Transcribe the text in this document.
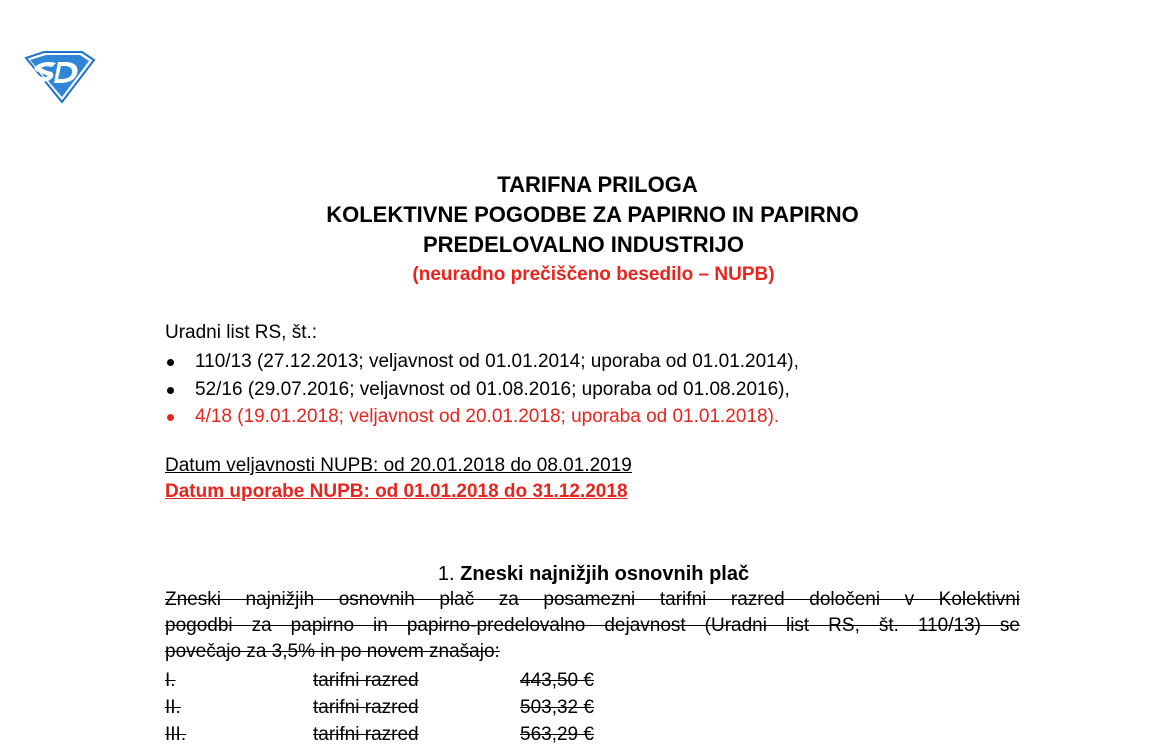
TARIFNA PRILOGA
KOLEKTIVNE POGODBE ZA PAPIRNO IN PAPIRNO
PREDELOVALNO INDUSTRIJO
(neuradno prečiščeno besedilo – NUPB)
Uradni list RS, št.:
110/13 (27.12.2013; veljavnost od 01.01.2014; uporaba od 01.01.2014),
52/16 (29.07.2016; veljavnost od 01.08.2016; uporaba od 01.08.2016),
4/18 (19.01.2018; veljavnost od 20.01.2018; uporaba od 01.01.2018).
Datum veljavnosti NUPB: od 20.01.2018 do 08.01.2019
Datum uporabe NUPB: od 01.01.2018 do 31.12.2018
1. Zneski najnižjih osnovnih plač
Zneski najnižjih osnovnih plač za posamezni tarifni razred določeni v Kolektivni
pogodbi za papirno in papirno-predelovalno dejavnost (Uradni list RS, št. 110/13) se
povečajo za 3,5% in po novem znašajo:
I.	tarifni razred	443,50 €
II.	tarifni razred	503,32 €
III.	tarifni razred	563,29 €
